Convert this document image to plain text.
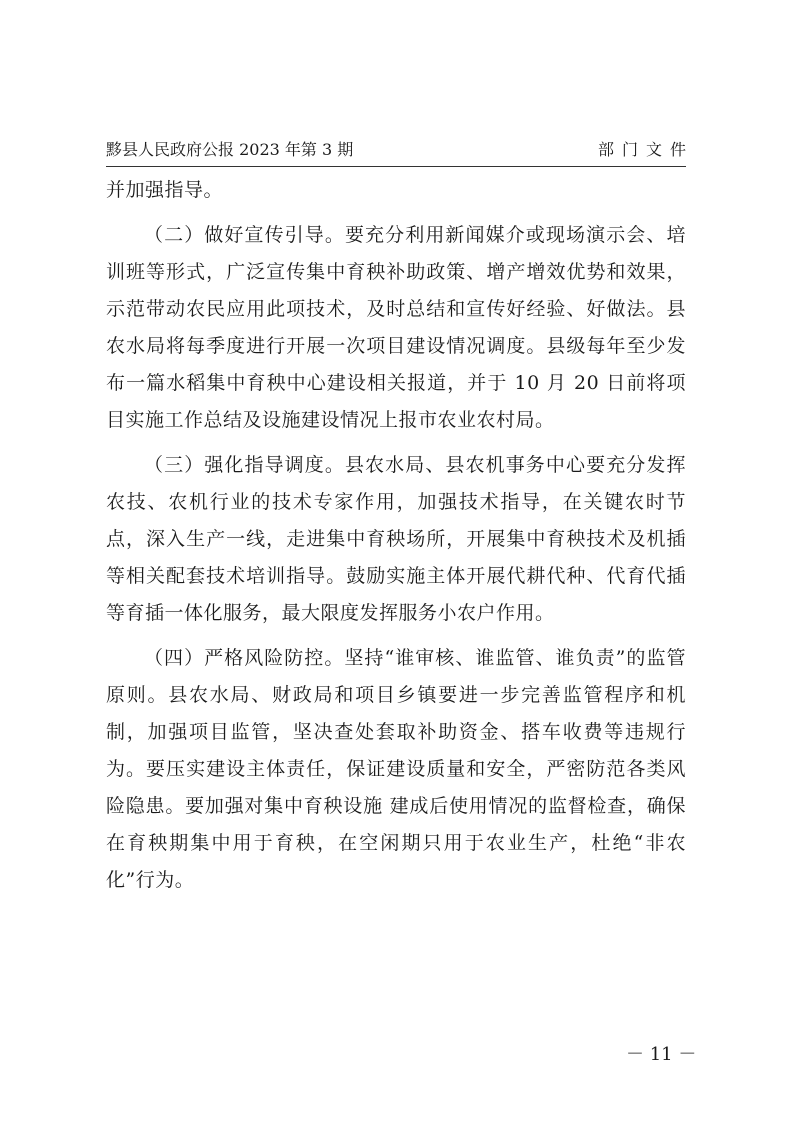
黟县人民政府公报 2023 年第 3 期	部门文件

并加强指导。

（二）做好宣传引导。要充分利用新闻媒介或现场演示会、培训班等形式，广泛宣传集中育秧补助政策、增产增效优势和效果，示范带动农民应用此项技术，及时总结和宣传好经验、好做法。县农水局将每季度进行开展一次项目建设情况调度。县级每年至少发布一篇水稻集中育秧中心建设相关报道，并于 10 月 20 日前将项目实施工作总结及设施建设情况上报市农业农村局。

（三）强化指导调度。县农水局、县农机事务中心要充分发挥农技、农机行业的技术专家作用，加强技术指导，在关键农时节点，深入生产一线，走进集中育秧场所，开展集中育秧技术及机插等相关配套技术培训指导。鼓励实施主体开展代耕代种、代育代插等育插一体化服务，最大限度发挥服务小农户作用。

（四）严格风险防控。坚持“谁审核、谁监管、谁负责”的监管原则。县农水局、财政局和项目乡镇要进一步完善监管程序和机制，加强项目监管，坚决查处套取补助资金、搭车收费等违规行为。要压实建设主体责任，保证建设质量和安全，严密防范各类风险隐患。要加强对集中育秧设施 建成后使用情况的监督检查，确保在育秧期集中用于育秧，在空闲期只用于农业生产，杜绝“非农化”行为。

－ 11 －
